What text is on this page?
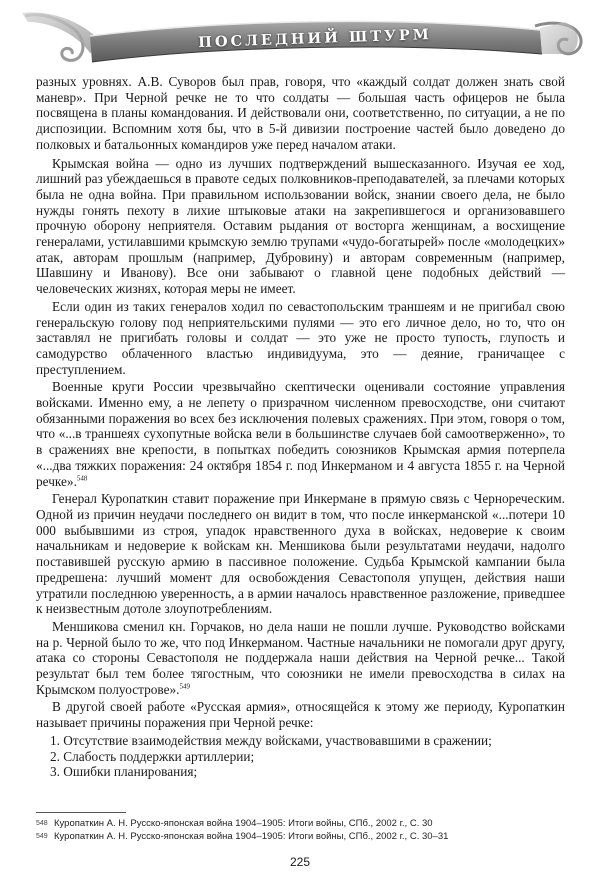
ПОСЛЕДНИЙ ШТУРМ

разных уровнях. А.В. Суворов был прав, говоря, что «каждый солдат должен знать свой маневр». При Черной речке не то что солдаты — большая часть офицеров не была посвящена в планы командования. И действовали они, соответственно, по ситуации, а не по диспозиции. Вспомним хотя бы, что в 5-й дивизии построение частей было доведено до полковых и батальонных командиров уже перед началом атаки.

Крымская война — одно из лучших подтверждений вышесказанного. Изучая ее ход, лишний раз убеждаешься в правоте седых полковников-преподавателей, за плечами которых была не одна война. При правильном использовании войск, знании своего дела, не было нужды гонять пехоту в лихие штыковые атаки на закрепившегося и организовавшего прочную оборону неприятеля. Оставим рыдания от восторга женщинам, а восхищение генералами, устилавшими крымскую землю трупами «чудо-богатырей» после «молодецких» атак, авторам прошлым (например, Дубровину) и авторам современным (например, Шавшину и Иванову). Все они забывают о главной цене подобных действий — человеческих жизнях, которая меры не имеет.

Если один из таких генералов ходил по севастопольским траншеям и не пригибал свою генеральскую голову под неприятельскими пулями — это его личное дело, но то, что он заставлял не пригибать головы и солдат — это уже не просто тупость, глупость и самодурство облаченного властью индивидуума, это — деяние, граничащее с преступлением.

Военные круги России чрезвычайно скептически оценивали состояние управления войсками. Именно ему, а не лепету о призрачном численном превосходстве, они считают обязанными поражения во всех без исключения полевых сражениях. При этом, говоря о том, что «...в траншеях сухопутные войска вели в большинстве случаев бой самоотверженно», то в сражениях вне крепости, в попытках победить союзников Крымская армия потерпела «...два тяжких поражения: 24 октября 1854 г. под Инкерманом и 4 августа 1855 г. на Черной речке».$^{548}$

Генерал Куропаткин ставит поражение при Инкермане в прямую связь с Чернореческим. Одной из причин неудачи последнего он видит в том, что после инкерманской «...потери 10 000 выбывшими из строя, упадок нравственного духа в войсках, недоверие к своим начальникам и недоверие к войскам кн. Меншикова были результатами неудачи, надолго поставившей русскую армию в пассивное положение. Судьба Крымской кампании была предрешена: лучший момент для освобождения Севастополя упущен, действия наши утратили последнюю уверенность, а в армии началось нравственное разложение, приведшее к неизвестным дотоле злоупотреблениям.

Меншикова сменил кн. Горчаков, но дела наши не пошли лучше. Руководство войсками на р. Черной было то же, что под Инкерманом. Частные начальники не помогали друг другу, атака со стороны Севастополя не поддержала наши действия на Черной речке... Такой результат был тем более тягостным, что союзники не имели превосходства в силах на Крымском полуострове».$^{549}$

В другой своей работе «Русская армия», относящейся к этому же периоду, Куропаткин называет причины поражения при Черной речке:

1. Отсутствие взаимодействия между войсками, участвовавшими в сражении;
2. Слабость поддержки артиллерии;
3. Ошибки планирования;
548 Куропаткин А. Н. Русско-японская война 1904–1905: Итоги войны, СПб., 2002 г., С. 30
549 Куропаткин А. Н. Русско-японская война 1904–1905: Итоги войны, СПб., 2002 г., С. 30–31
225
